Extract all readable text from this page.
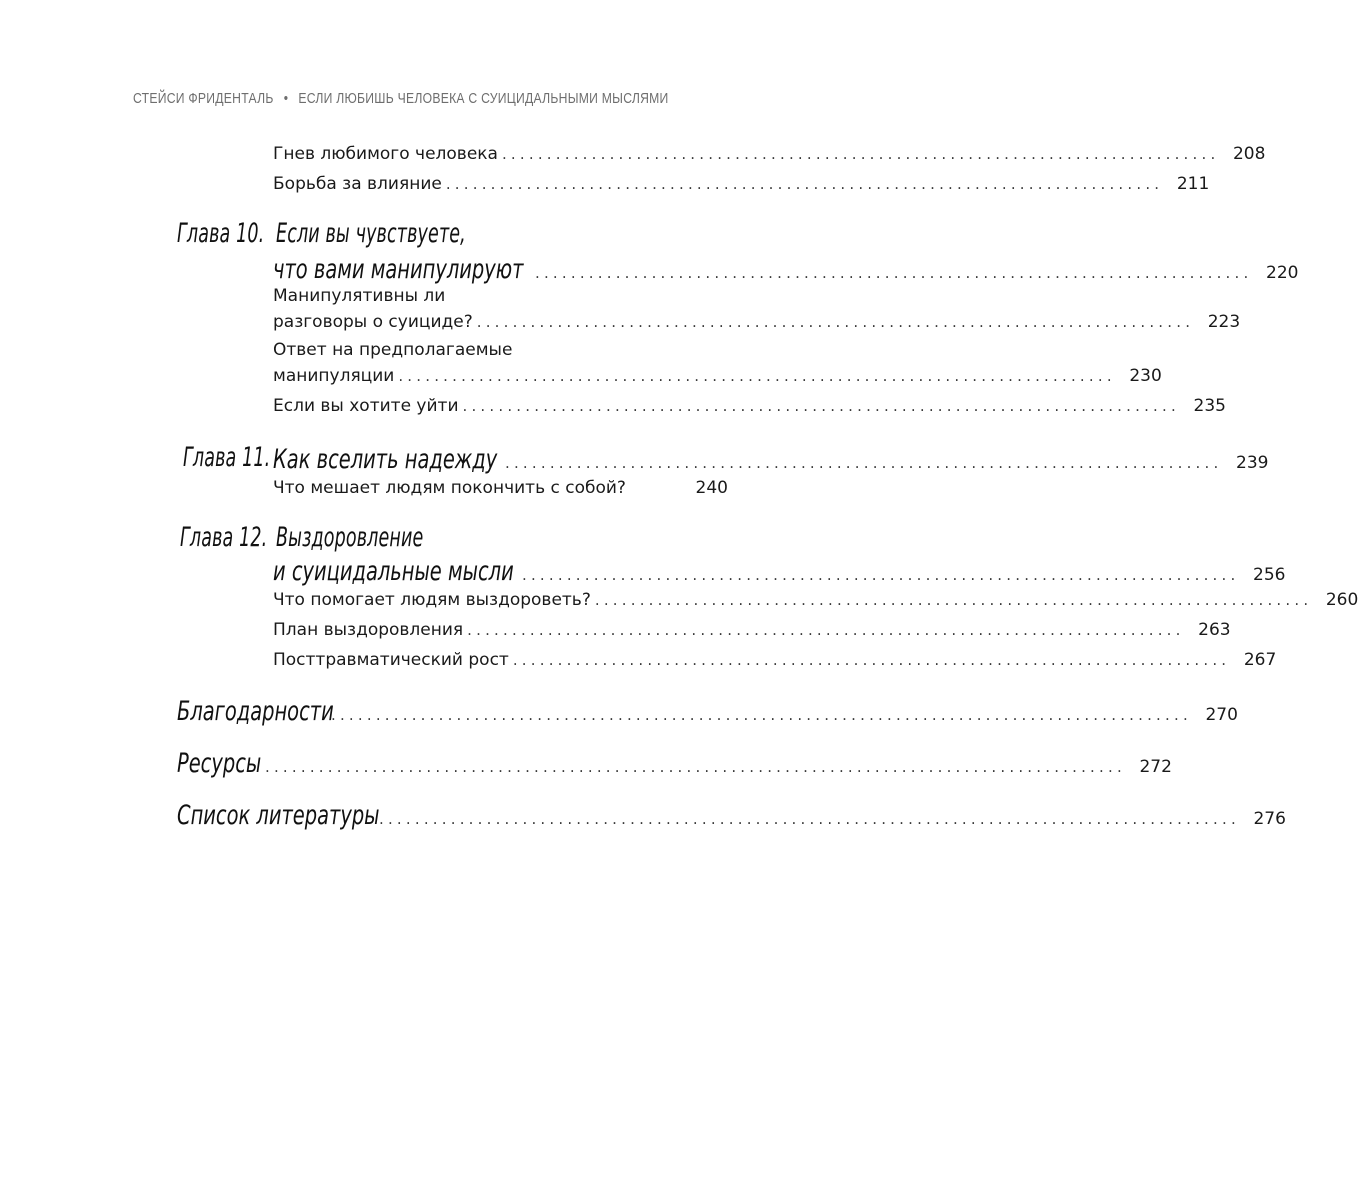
СТЕЙСИ ФРИДЕНТАЛЬ • ЕСЛИ ЛЮБИШЬ ЧЕЛОВЕКА С СУИЦИДАЛЬНЫМИ МЫСЛЯМИ
Гнев любимого человека ................................................................................ 208
Борьба за влияние ................................................................................ 211
Глава 10. Если вы чувствуете,
что вами манипулируют ................................................................................ 220
Манипулятивны ли
разговоры о суициде? ................................................................................ 223
Ответ на предполагаемые
манипуляции ................................................................................ 230
Если вы хотите уйти ................................................................................ 235
Глава 11. Как вселить надежду ................................................................................ 239
Что мешает людям покончить с собой?	240
Глава 12. Выздоровление
и суицидальные мысли ................................................................................ 256
Что помогает людям выздороветь? ................................................................................ 260
План выздоровления ................................................................................ 263
Посттравматический рост ................................................................................ 267
Благодарности
................................................................................................ 270
Ресурсы ................................................................................................ 272
Список литературы ................................................................................................ 276
